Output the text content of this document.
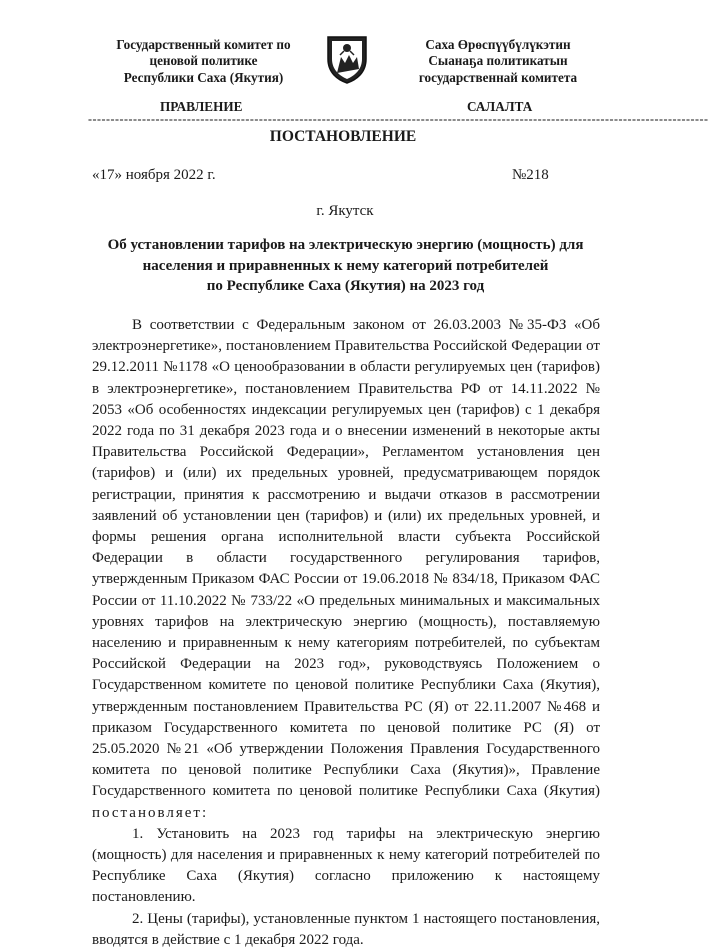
Государственный комитет по
ценовой политике
Республики Саха (Якутия)
Саха Өрөспүүбүлүкэтин
Сыанаҕа политикатын
государственнай комитета
ПРАВЛЕНИЕ	САЛАЛТА
------------------------------------------------------------------------------------------------------------------------------------------
ПОСТАНОВЛЕНИЕ
«17» ноября 2022 г.	№218
г. Якутск
Об установлении тарифов на электрическую энергию (мощность) для
населения и приравненных к нему категорий потребителей
по Республике Саха (Якутия) на 2023 год

В соответствии с Федеральным законом от 26.03.2003 №35-ФЗ «Об электроэнергетике», постановлением Правительства Российской Федерации от 29.12.2011 №1178 «О ценообразовании в области регулируемых цен (тарифов) в электроэнергетике», постановлением Правительства РФ от 14.11.2022 № 2053 «Об особенностях индексации регулируемых цен (тарифов) с 1 декабря 2022 года по 31 декабря 2023 года и о внесении изменений в некоторые акты Правительства Российской Федерации», Регламентом установления цен (тарифов) и (или) их предельных уровней, предусматривающем порядок регистрации, принятия к рассмотрению и выдачи отказов в рассмотрении заявлений об установлении цен (тарифов) и (или) их предельных уровней, и формы решения органа исполнительной власти субъекта Российской Федерации в области государственного регулирования тарифов, утвержденным Приказом ФАС России от 19.06.2018 № 834/18, Приказом ФАС России от 11.10.2022 № 733/22 «О предельных минимальных и максимальных уровнях тарифов на электрическую энергию (мощность), поставляемую населению и приравненным к нему категориям потребителей, по субъектам Российской Федерации на 2023 год», руководствуясь Положением о Государственном комитете по ценовой политике Республики Саха (Якутия), утвержденным постановлением Правительства РС (Я) от 22.11.2007 №468 и приказом Государственного комитета по ценовой политике РС (Я) от 25.05.2020 №21 «Об утверждении Положения Правления Государственного комитета по ценовой политике Республики Саха (Якутия)», Правление Государственного комитета по ценовой политике Республики Саха (Якутия) постановляет:

1. Установить на 2023 год тарифы на электрическую энергию (мощность) для населения и приравненных к нему категорий потребителей по Республике Саха (Якутия) согласно приложению к настоящему постановлению.

2. Цены (тарифы), установленные пунктом 1 настоящего постановления, вводятся в действие с 1 декабря 2022 года.
